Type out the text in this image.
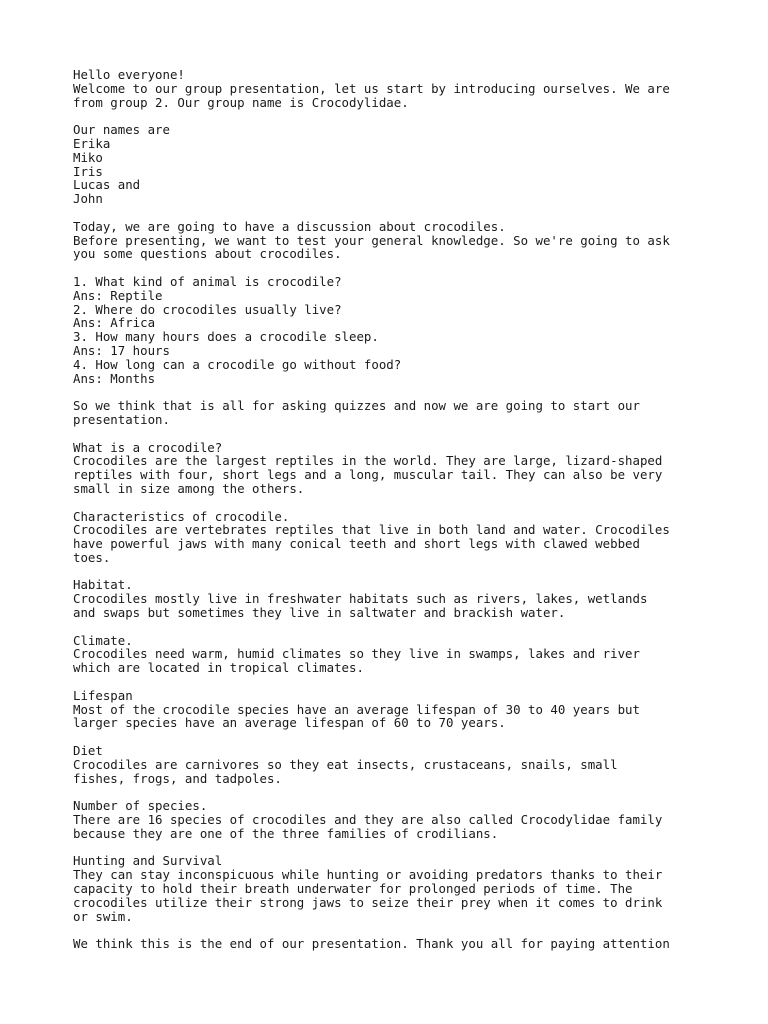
Hello everyone!
Welcome to our group presentation, let us start by introducing ourselves. We are
from group 2. Our group name is Crocodylidae.
Our names are
Erika
Miko
Iris
Lucas and
John
Today, we are going to have a discussion about crocodiles.
Before presenting, we want to test your general knowledge. So we're going to ask
you some questions about crocodiles.
1. What kind of animal is crocodile?
Ans: Reptile
2. Where do crocodiles usually live?
Ans: Africa
3. How many hours does a crocodile sleep.
Ans: 17 hours
4. How long can a crocodile go without food?
Ans: Months
So we think that is all for asking quizzes and now we are going to start our
presentation.
What is a crocodile?
Crocodiles are the largest reptiles in the world. They are large, lizard-shaped
reptiles with four, short legs and a long, muscular tail. They can also be very
small in size among the others.
Characteristics of crocodile.
Crocodiles are vertebrates reptiles that live in both land and water. Crocodiles
have powerful jaws with many conical teeth and short legs with clawed webbed
toes.
Habitat.
Crocodiles mostly live in freshwater habitats such as rivers, lakes, wetlands
and swaps but sometimes they live in saltwater and brackish water.
Climate.
Crocodiles need warm, humid climates so they live in swamps, lakes and river
which are located in tropical climates.
Lifespan
Most of the crocodile species have an average lifespan of 30 to 40 years but
larger species have an average lifespan of 60 to 70 years.
Diet
Crocodiles are carnivores so they eat insects, crustaceans, snails, small
fishes, frogs, and tadpoles.
Number of species.
There are 16 species of crocodiles and they are also called Crocodylidae family
because they are one of the three families of crodilians.
Hunting and Survival
They can stay inconspicuous while hunting or avoiding predators thanks to their
capacity to hold their breath underwater for prolonged periods of time. The
crocodiles utilize their strong jaws to seize their prey when it comes to drink
or swim.
We think this is the end of our presentation. Thank you all for paying attention
